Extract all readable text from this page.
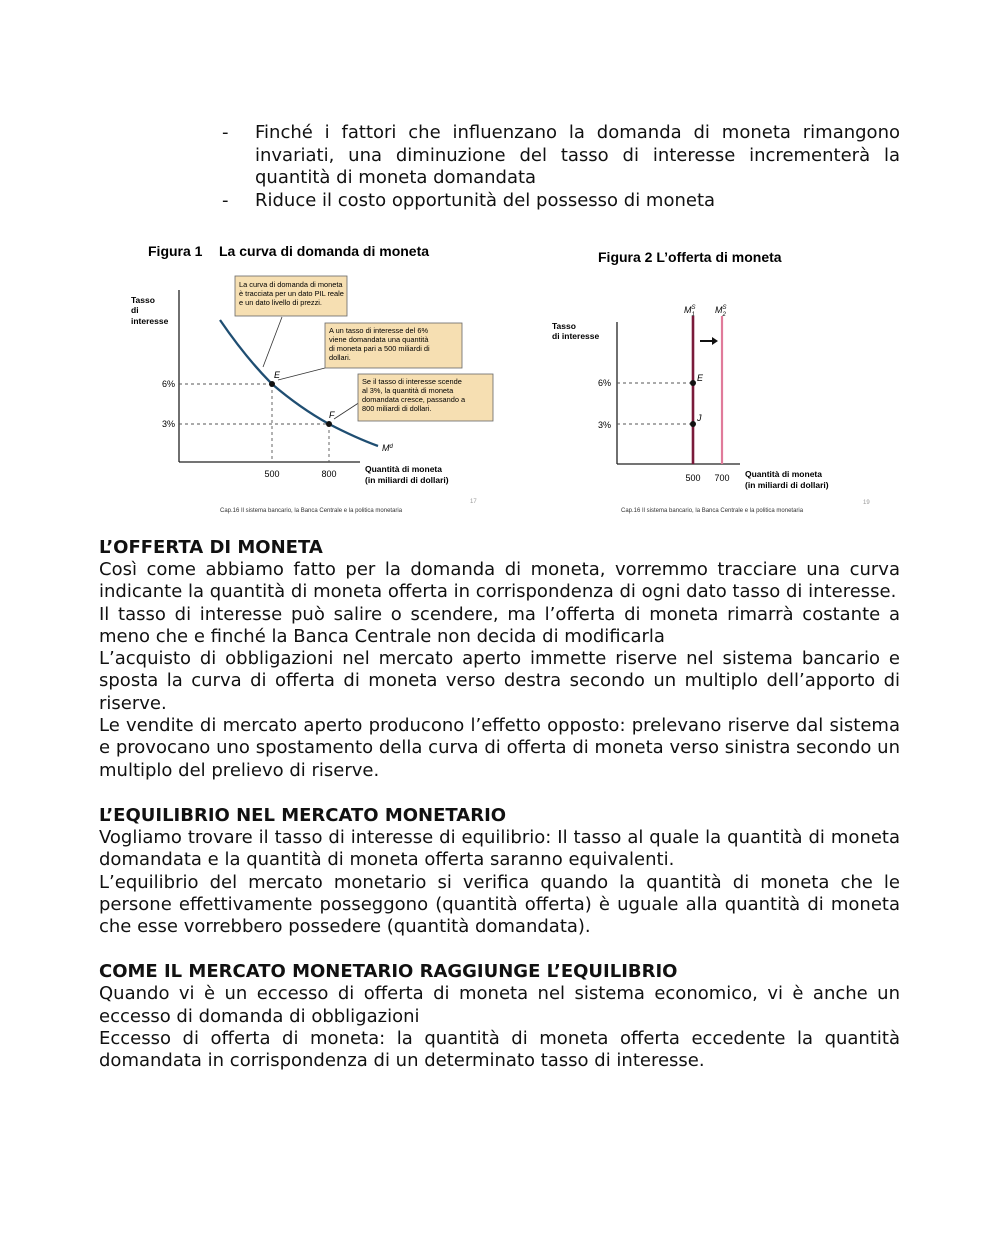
- Finché i fattori che influenzano la domanda di moneta rimangono invariati, una diminuzione del tasso di interesse incrementerà la quantità di moneta domandata
- Riduce il costo opportunità del possesso di moneta
Figura 1 La curva di domanda di moneta
Tasso di interesse
E
F
$M^d$
6%
3%
500	800	Quantità di moneta (in miliardi di dollari)
La curva di domanda di moneta è tracciata per un dato PIL reale e un dato livello di prezzi.
A un tasso di interesse del 6% viene domandata una quantità di moneta pari a 500 miliardi di dollari.
Se il tasso di interesse scende al 3%, la quantità di moneta domandata cresce, passando a 800 miliardi di dollari.
Cap.16 Il sistema bancario, la Banca Centrale e la politica monetaria
17
Figura 2 L’offerta di moneta
Tasso di interesse
$M^S$ 1 $M^S$ 2
E
J
6%
3%
500 700 Quantità di moneta (in miliardi di dollari)
Cap.16 Il sistema bancario, la Banca Centrale e la politica monetaria
19
L’OFFERTA DI MONETA

Così come abbiamo fatto per la domanda di moneta, vorremmo tracciare una curva indicante la quantità di moneta offerta in corrispondenza di ogni dato tasso di interesse.

Il tasso di interesse può salire o scendere, ma l’offerta di moneta rimarrà costante a meno che e finché la Banca Centrale non decida di modificarla

L’acquisto di obbligazioni nel mercato aperto immette riserve nel sistema bancario e sposta la curva di offerta di moneta verso destra secondo un multiplo dell’apporto di riserve.

Le vendite di mercato aperto producono l’effetto opposto: prelevano riserve dal sistema e provocano uno spostamento della curva di offerta di moneta verso sinistra secondo un multiplo del prelievo di riserve.

L’EQUILIBRIO NEL MERCATO MONETARIO

Vogliamo trovare il tasso di interesse di equilibrio: Il tasso al quale la quantità di moneta domandata e la quantità di moneta offerta saranno equivalenti.

L’equilibrio del mercato monetario si verifica quando la quantità di moneta che le persone effettivamente posseggono (quantità offerta) è uguale alla quantità di moneta che esse vorrebbero possedere (quantità domandata).

COME IL MERCATO MONETARIO RAGGIUNGE L’EQUILIBRIO

Quando vi è un eccesso di offerta di moneta nel sistema economico, vi è anche un eccesso di domanda di obbligazioni

Eccesso di offerta di moneta: la quantità di moneta offerta eccedente la quantità domandata in corrispondenza di un determinato tasso di interesse.
